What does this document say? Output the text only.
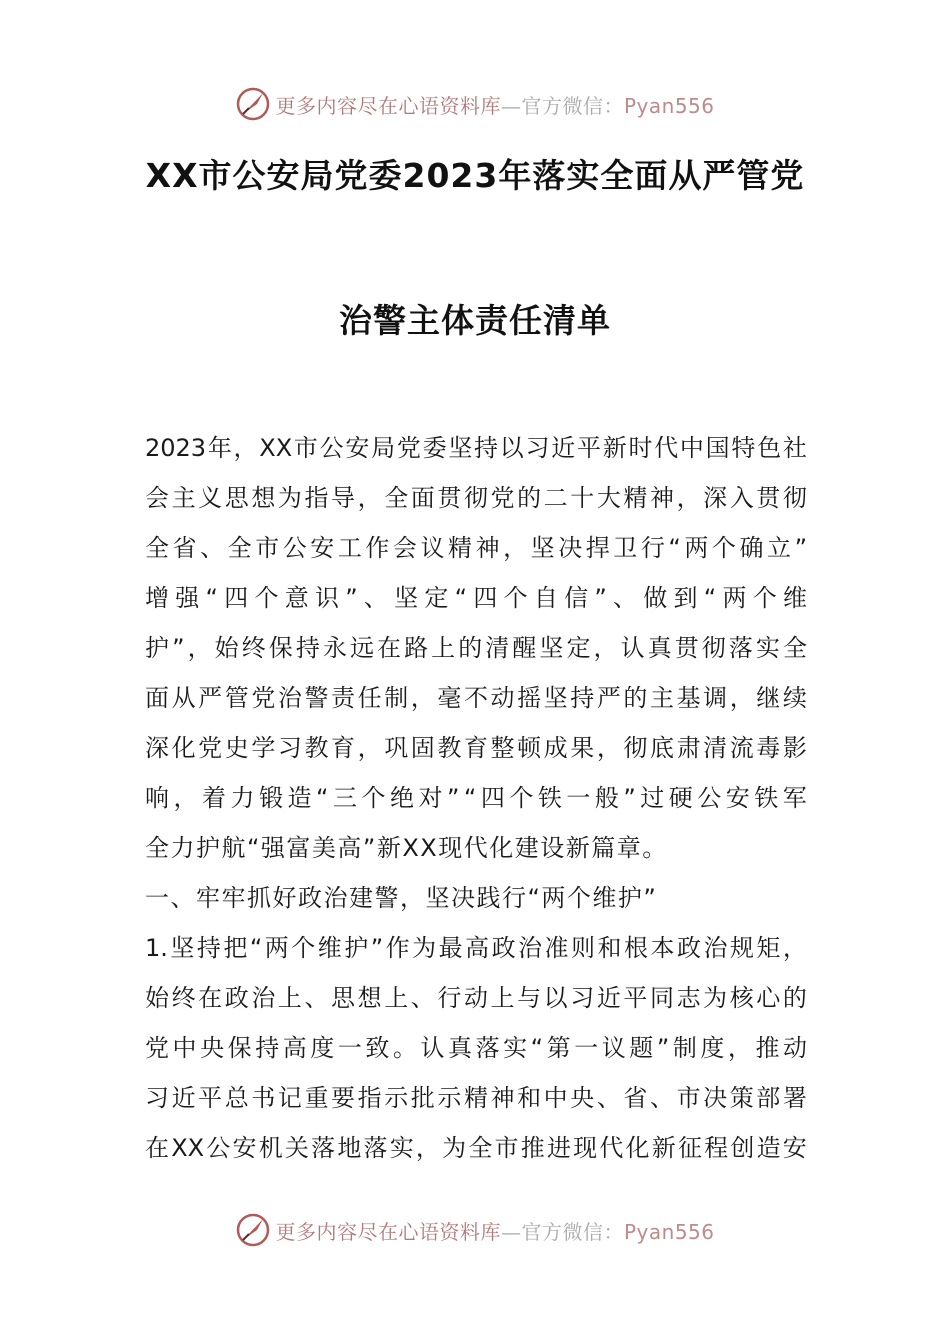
更多内容尽在心语资料库—官方微信：Pyan556
XX市公安局党委2023年落实全面从严管党
治警主体责任清单
2023 年 ， XX 市 公 安 局 党 委 坚 持 以 习 近 平 新 时 代 中 国 特 色 社
会 主 义 思 想 为 指 导 ， 全 面 贯 彻 党 的 二 十 大 精 神 ， 深 入 贯 彻
全 省 、 全 市 公 安 工 作 会 议 精 神 ， 坚 决 捍 卫 行 “ 两 个 确 立 ”
增 强 “ 四 个 意 识 ” 、 坚 定 “ 四 个 自 信 ” 、 做 到 “ 两 个 维
护 ” ， 始 终 保 持 永 远 在 路 上 的 清 醒 坚 定 ， 认 真 贯 彻 落 实 全
面 从 严 管 党 治 警 责 任 制 ， 毫 不 动 摇 坚 持 严 的 主 基 调 ， 继 续
深 化 党 史 学 习 教 育 ， 巩 固 教 育 整 顿 成 果 ， 彻 底 肃 清 流 毒 影
响 ， 着 力 锻 造 “ 三 个 绝 对 ” “ 四 个 铁 一 般 ” 过 硬 公 安 铁 军
全力护航“强富美高”新XX现代化建设新篇章。
一、牢牢抓好政治建警，坚决践行“两个维护”
1. 坚 持 把 “ 两 个 维 护 ” 作 为 最 高 政 治 准 则 和 根 本 政 治 规 矩 ，
始 终 在 政 治 上 、 思 想 上 、 行 动 上 与 以 习 近 平 同 志 为 核 心 的
党 中 央 保 持 高 度 一 致 。 认 真 落 实 “ 第 一 议 题 ” 制 度 ， 推 动
习 近 平 总 书 记 重 要 指 示 批 示 精 神 和 中 央 、 省 、 市 决 策 部 署
在 XX 公 安 机 关 落 地 落 实 ， 为 全 市 推 进 现 代 化 新 征 程 创 造 安
更多内容尽在心语资料库—官方微信：Pyan556
